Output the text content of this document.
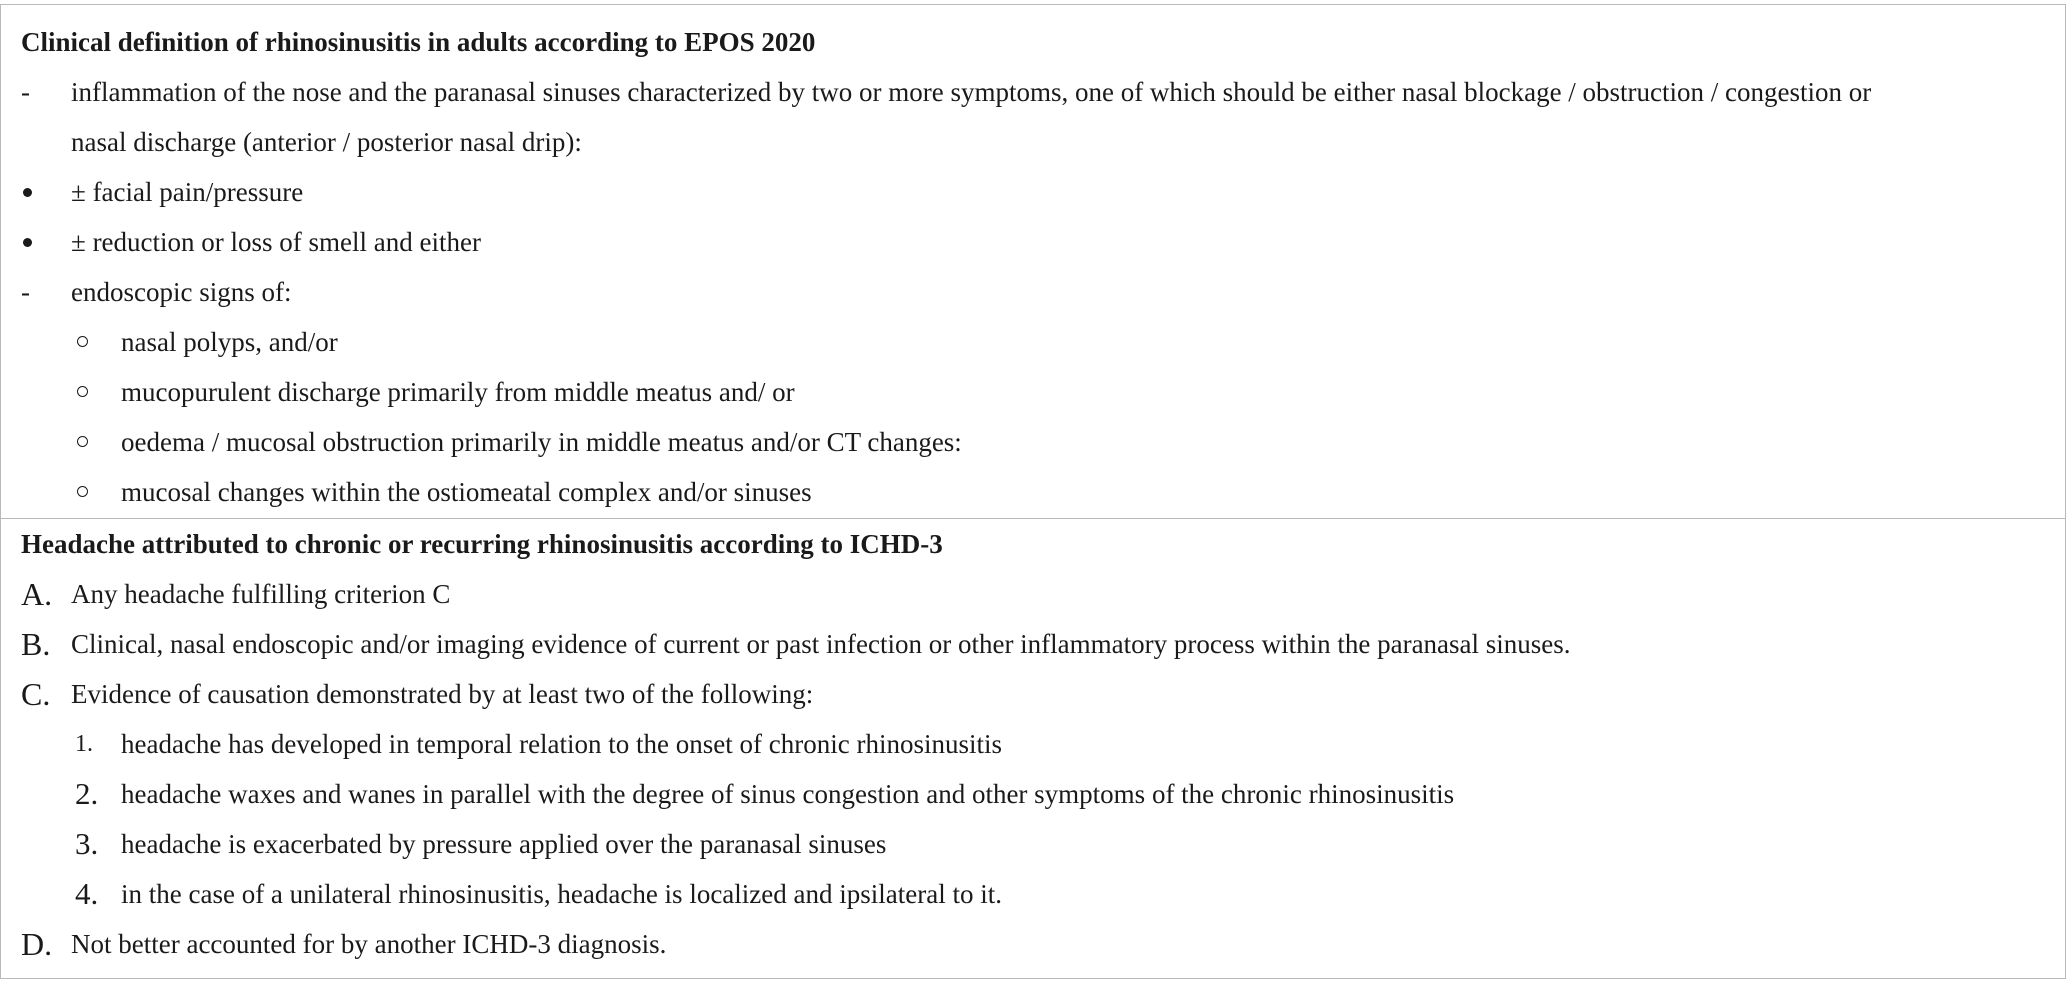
Clinical definition of rhinosinusitis in adults according to EPOS 2020
- inflammation of the nose and the paranasal sinuses characterized by two or more symptoms, one of which should be either nasal blockage / obstruction / congestion or
nasal discharge (anterior / posterior nasal drip):
± facial pain/pressure
± reduction or loss of smell and either
- endoscopic signs of:
nasal polyps, and/or
mucopurulent discharge primarily from middle meatus and/ or
oedema / mucosal obstruction primarily in middle meatus and/or CT changes:
mucosal changes within the ostiomeatal complex and/or sinuses
Headache attributed to chronic or recurring rhinosinusitis according to ICHD-3
A. Any headache fulfilling criterion C
B. Clinical, nasal endoscopic and/or imaging evidence of current or past infection or other inflammatory process within the paranasal sinuses.
C. Evidence of causation demonstrated by at least two of the following:
1. headache has developed in temporal relation to the onset of chronic rhinosinusitis
2. headache waxes and wanes in parallel with the degree of sinus congestion and other symptoms of the chronic rhinosinusitis
3. headache is exacerbated by pressure applied over the paranasal sinuses
4. in the case of a unilateral rhinosinusitis, headache is localized and ipsilateral to it.
D. Not better accounted for by another ICHD-3 diagnosis.
